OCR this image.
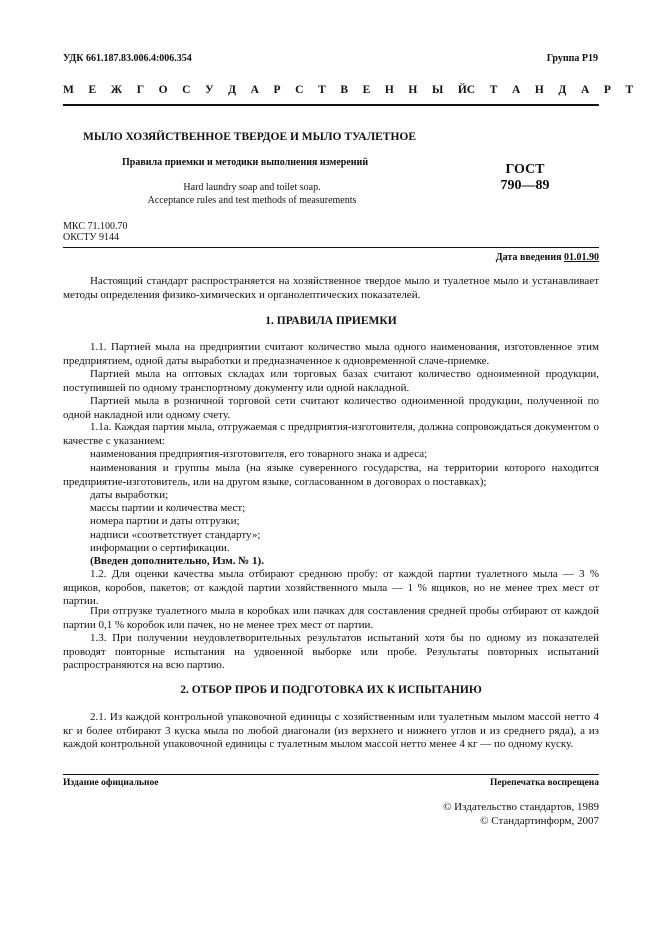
УДК 661.187.83.006.4:006.354	Группа Р19
М Е Ж Г О С У Д А Р С Т В Е Н Н Ы Й С Т А Н Д А Р Т
МЫЛО ХОЗЯЙСТВЕННОЕ ТВЕРДОЕ И МЫЛО ТУАЛЕТНОЕ
Правила приемки и методики выполнения измерений
Hard laundry soap and toilet soap.
Acceptance rules and test methods of measurements
ГОСТ
790—89
МКС 71.100.70
ОКСТУ 9144
Дата введения 01.01.90

Настоящий стандарт распространяется на хозяйственное твердое мыло и туалетное мыло и устанавливает методы определения физико-химических и органолептических показателей.

1. ПРАВИЛА ПРИЕМКИ

1.1. Партией мыла на предприятии считают количество мыла одного наименования, изготовленное этим предприятием, одной даты выработки и предназначенное к одновременной слаче-приемке.

Партией мыла на оптовых складах или торговых базах считают количество одноименной продукции, поступившей по одному транспортному документу или одной накладной.

Партией мыла в розничной торговой сети считают количество одноименной продукции, полученной по одной накладной или одному счету.

1.1а. Каждая партия мыла, отгружаемая с предприятия-изготовителя, должна сопровождаться документом о качестве с указанием:

наименования предприятия-изготовителя, его товарного знака и адреса;

наименования и группы мыла (на языке суверенного государства, на территории которого находится предприятие-изготовитель, или на другом языке, согласованном в договорах о поставках);

даты выработки;

массы партии и количества мест;

номера партии и даты отгрузки;

надписи «соответствует стандарту»;

информации о сертификации.

(Введен дополнительно, Изм. № 1).

1.2. Для оценки качества мыла отбирают среднюю пробу: от каждой партии туалетного мыла — 3 % ящиков, коробов, пакетов; от каждой партии хозяйственного мыла — 1 % ящиков, но не менее трех мест от партии.

При отгрузке туалетного мыла в коробках или пачках для составления средней пробы отбирают от каждой партии 0,1 % коробок или пачек, но не менее трех мест от партии.

1.3. При получении неудовлетворительных результатов испытаний хотя бы по одному из показателей проводят повторные испытания на удвоенной выборке или пробе. Результаты повторных испытаний распространяются на всю партию.

2. ОТБОР ПРОБ И ПОДГОТОВКА ИХ К ИСПЫТАНИЮ

2.1. Из каждой контрольной упаковочной единицы с хозяйственным или туалетным мылом массой нетто 4 кг и более отбирают 3 куска мыла по любой диагонали (из верхнего и нижнего углов и из среднего ряда), а из каждой контрольной упаковочной единицы с туалетным мылом массой нетто менее 4 кг — по одному куску.

Издание официальное	Перепечатка воспрещена
© Издательство стандартов, 1989
© Стандартинформ, 2007
